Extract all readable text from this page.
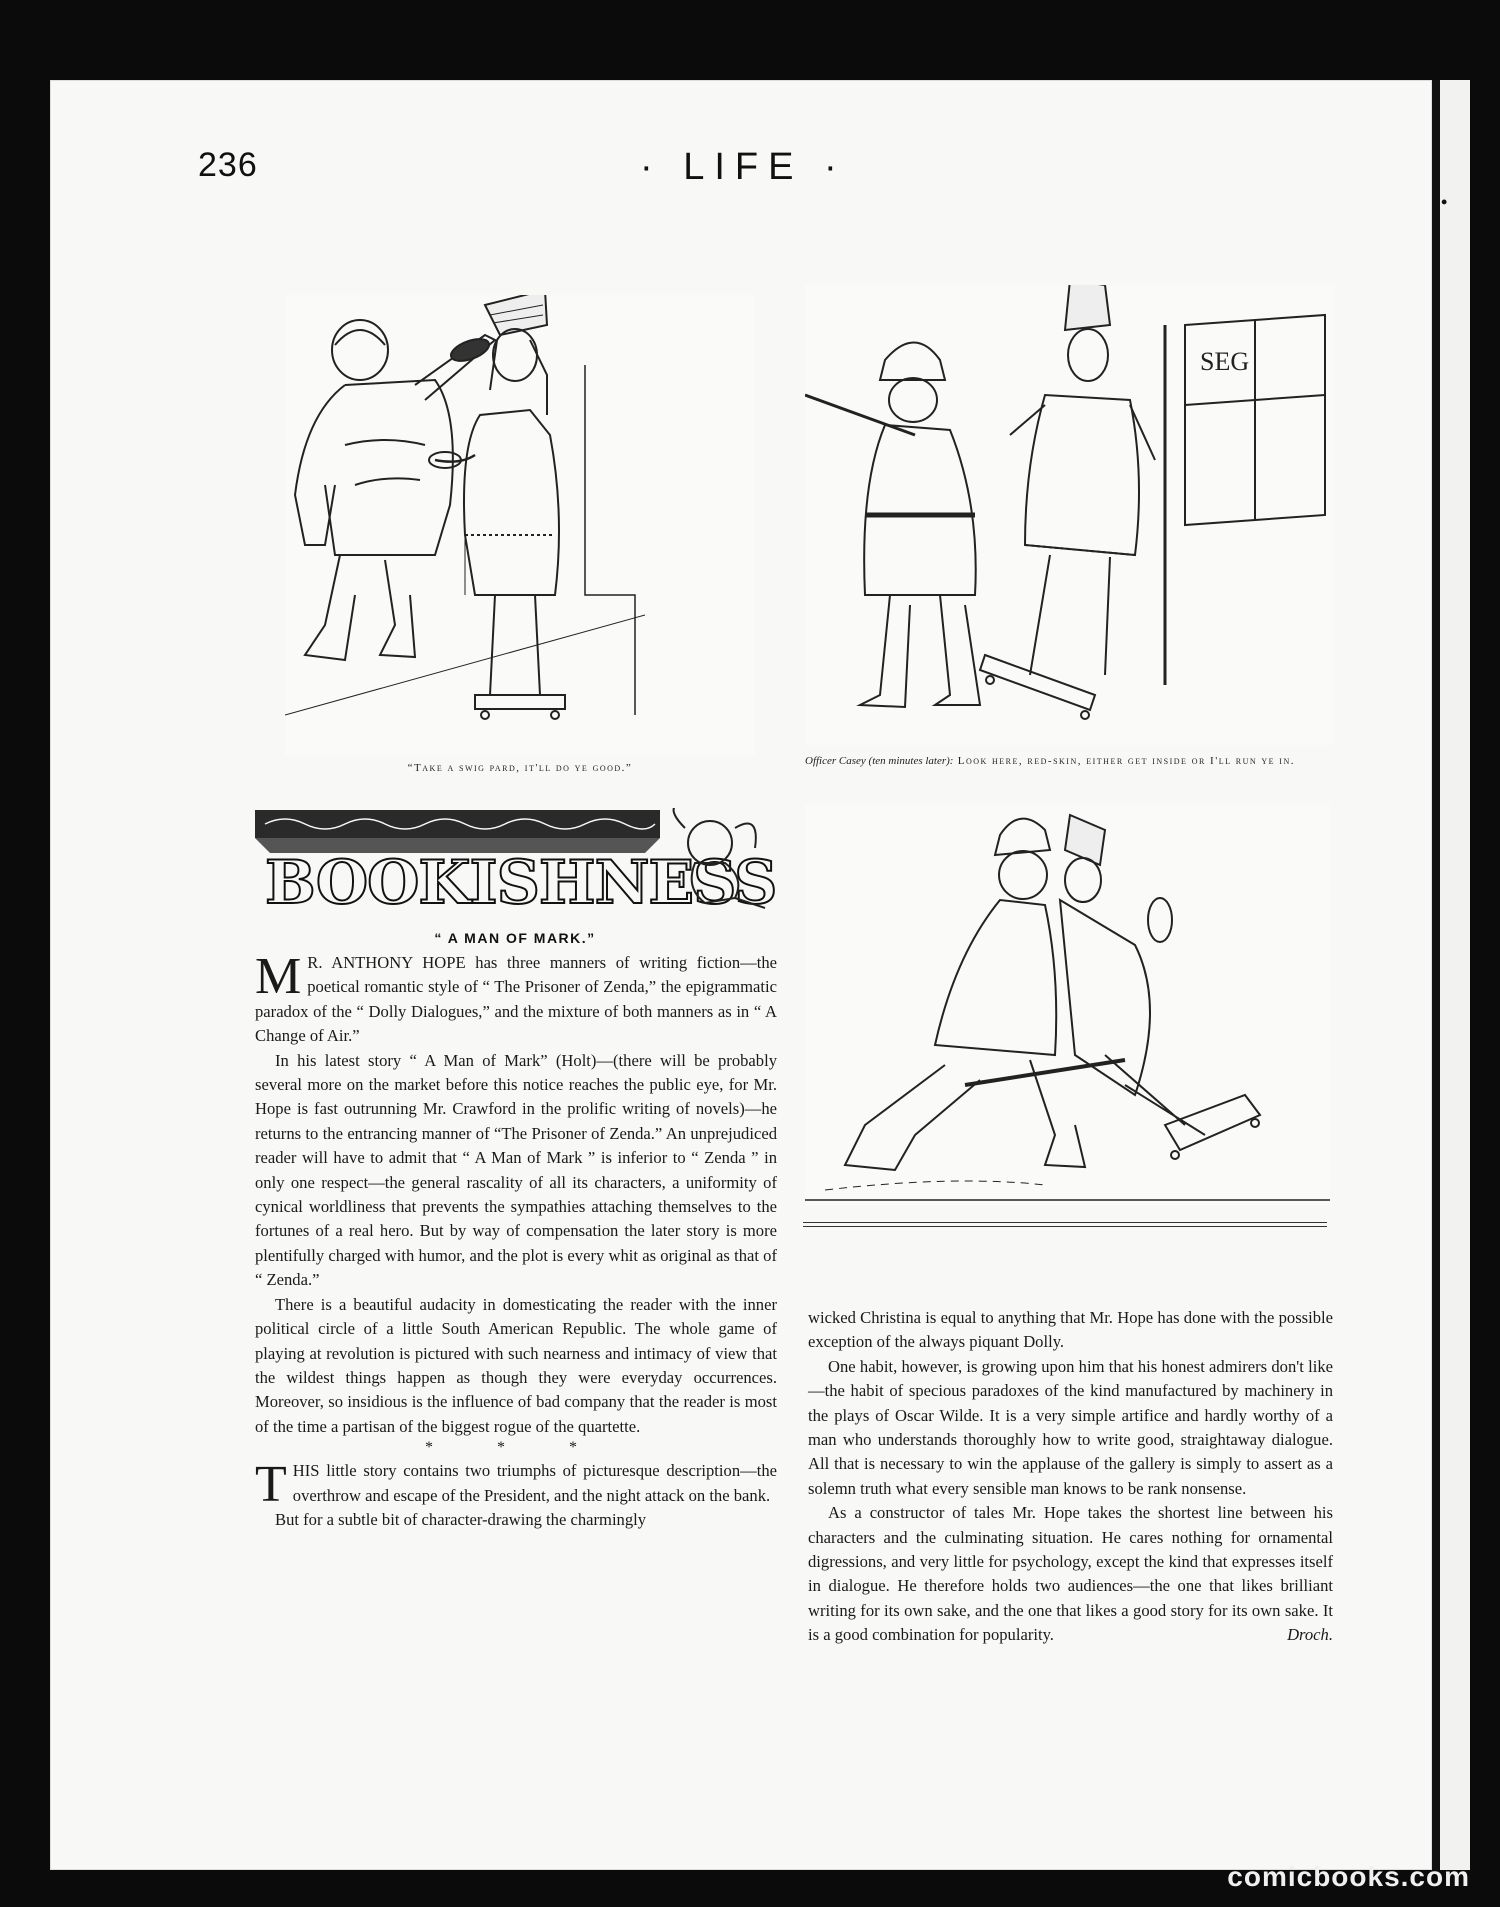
•
236	· LIFE ·
“Take a swig pard, it'll do ye good.”
SEG
Officer Casey (ten minutes later): Look here, red-skin, either get inside or I'll run ye in.
BOOKISHNESS
“ A MAN OF MARK.”

M R. ANTHONY HOPE has three manners of writing fiction—the poetical romantic style of “ The Prisoner of Zenda,” the epigrammatic paradox of the “ Dolly Dialogues,” and the mixture of both manners as in “ A Change of Air.”

In his latest story “ A Man of Mark” (Holt)—(there will be probably several more on the market before this notice reaches the public eye, for Mr. Hope is fast outrunning Mr. Crawford in the prolific writing of novels)—he returns to the entrancing manner of “The Prisoner of Zenda.” An unprejudiced reader will have to admit that “ A Man of Mark ” is inferior to “ Zenda ” in only one respect—the general rascality of all its characters, a uniformity of cynical worldliness that prevents the sympathies attaching themselves to the fortunes of a real hero. But by way of compensation the later story is more plentifully charged with humor, and the plot is every whit as original as that of “ Zenda.”

There is a beautiful audacity in domesticating the reader with the inner political circle of a little South American Republic. The whole game of playing at revolution is pictured with such nearness and intimacy of view that the wildest things happen as though they were everyday occurrences. Moreover, so insidious is the influence of bad company that the reader is most of the time a partisan of the biggest rogue of the quartette.

* * *

THIS little story contains two triumphs of picturesque description—the overthrow and escape of the President, and the night attack on the bank.

But for a subtle bit of character-drawing the charmingly

wicked Christina is equal to anything that Mr. Hope has done with the possible exception of the always piquant Dolly.

One habit, however, is growing upon him that his honest admirers don't like—the habit of specious paradoxes of the kind manufactured by machinery in the plays of Oscar Wilde. It is a very simple artifice and hardly worthy of a man who understands thoroughly how to write good, straightaway dialogue. All that is necessary to win the applause of the gallery is simply to assert as a solemn truth what every sensible man knows to be rank nonsense.

As a constructor of tales Mr. Hope takes the shortest line between his characters and the culminating situation. He cares nothing for ornamental digressions, and very little for psychology, except the kind that expresses itself in dialogue. He therefore holds two audiences—the one that likes brilliant writing for its own sake, and the one that likes a good story for its own sake. It is a good combination for popularity.	Droch.

comicbooks.com
